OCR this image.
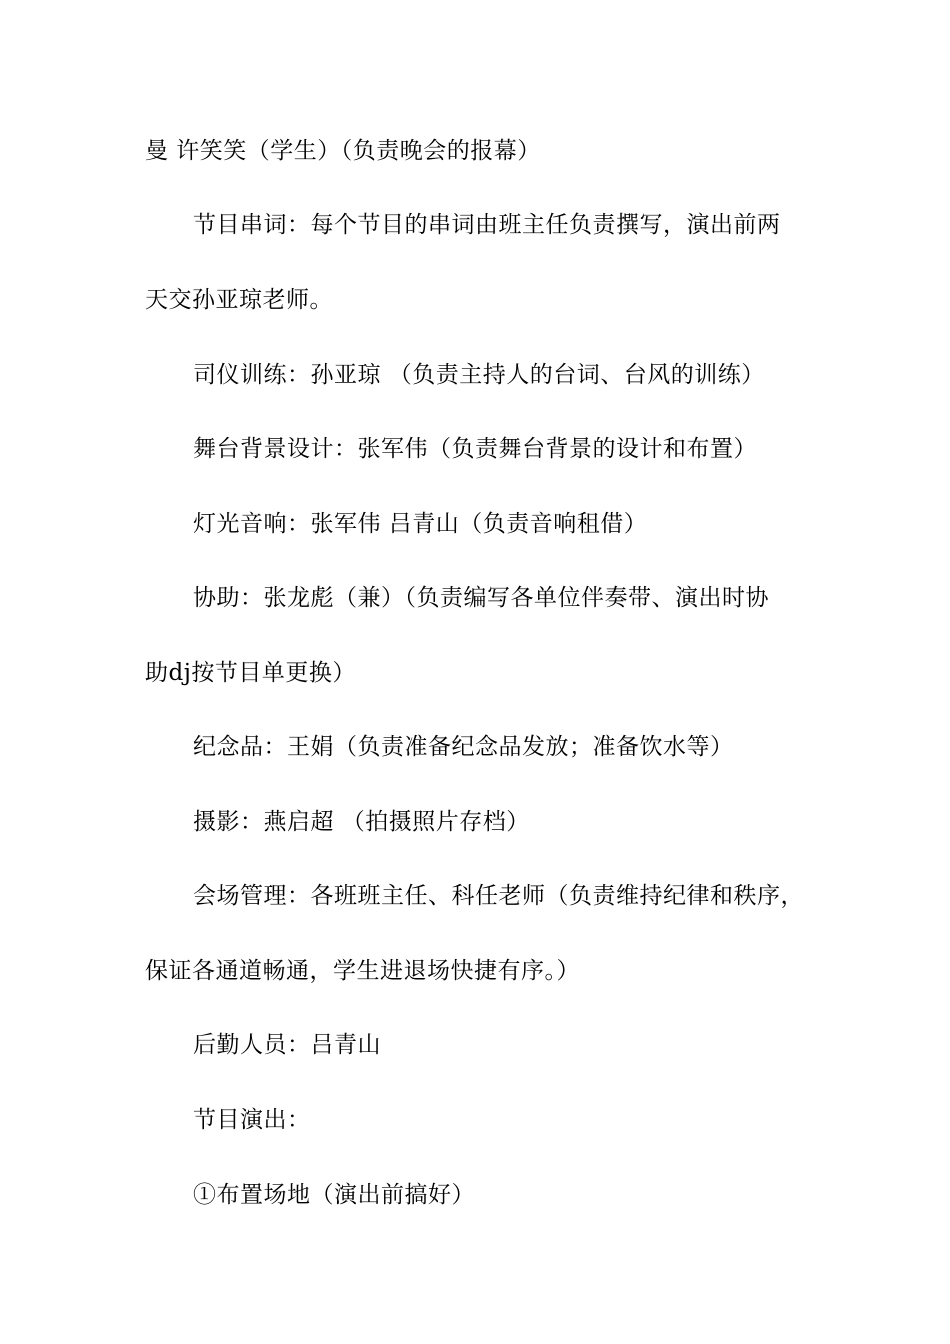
曼 许笑笑（学生）（负责晚会的报幕）
节目串词：每个节目的串词由班主任负责撰写，演出前两
天交孙亚琼老师。
司仪训练：孙亚琼 （负责主持人的台词、台风的训练）
舞台背景设计：张军伟（负责舞台背景的设计和布置）
灯光音响：张军伟 吕青山（负责音响租借）
协助：张龙彪（兼）（负责编写各单位伴奏带、演出时协
助dj按节目单更换）
纪念品：王娟（负责准备纪念品发放；准备饮水等）
摄影：燕启超 （拍摄照片存档）
会场管理：各班班主任、科任老师（负责维持纪律和秩序，
保证各通道畅通，学生进退场快捷有序。）
后勤人员：吕青山
节目演出：
①布置场地（演出前搞好）
